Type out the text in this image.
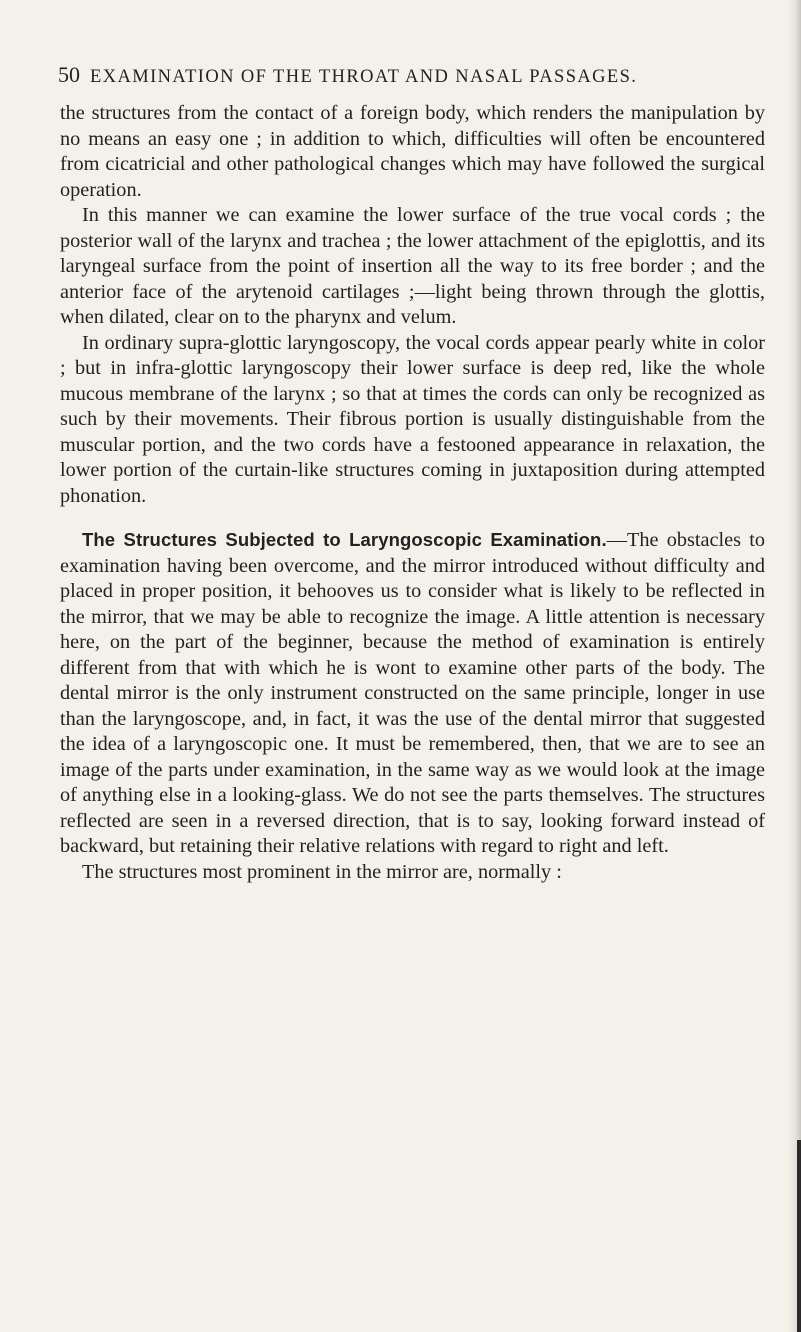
50 EXAMINATION OF THE THROAT AND NASAL PASSAGES.

the structures from the contact of a foreign body, which renders the manipulation by no means an easy one ; in addition to which, difficulties will often be encountered from cicatricial and other pathological changes which may have followed the surgical operation.

In this manner we can examine the lower surface of the true vocal cords ; the posterior wall of the larynx and trachea ; the lower attachment of the epiglottis, and its laryngeal surface from the point of insertion all the way to its free border ; and the anterior face of the arytenoid cartilages ;—light being thrown through the glottis, when dilated, clear on to the pharynx and velum.

In ordinary supra-glottic laryngoscopy, the vocal cords appear pearly white in color ; but in infra-glottic laryngoscopy their lower surface is deep red, like the whole mucous membrane of the larynx ; so that at times the cords can only be recognized as such by their movements. Their fibrous portion is usually distinguishable from the muscular portion, and the two cords have a festooned appearance in relaxation, the lower portion of the curtain-like structures coming in juxtaposition during attempted phonation.

The Structures Subjected to Laryngoscopic Examination.—The obstacles to examination having been overcome, and the mirror introduced without difficulty and placed in proper position, it behooves us to consider what is likely to be reflected in the mirror, that we may be able to recognize the image. A little attention is necessary here, on the part of the beginner, because the method of examination is entirely different from that with which he is wont to examine other parts of the body. The dental mirror is the only instrument constructed on the same principle, longer in use than the laryngoscope, and, in fact, it was the use of the dental mirror that suggested the idea of a laryngoscopic one. It must be remembered, then, that we are to see an image of the parts under examination, in the same way as we would look at the image of anything else in a looking-glass. We do not see the parts themselves. The structures reflected are seen in a reversed direction, that is to say, looking forward instead of backward, but retaining their relative relations with regard to right and left.

The structures most prominent in the mirror are, normally :
